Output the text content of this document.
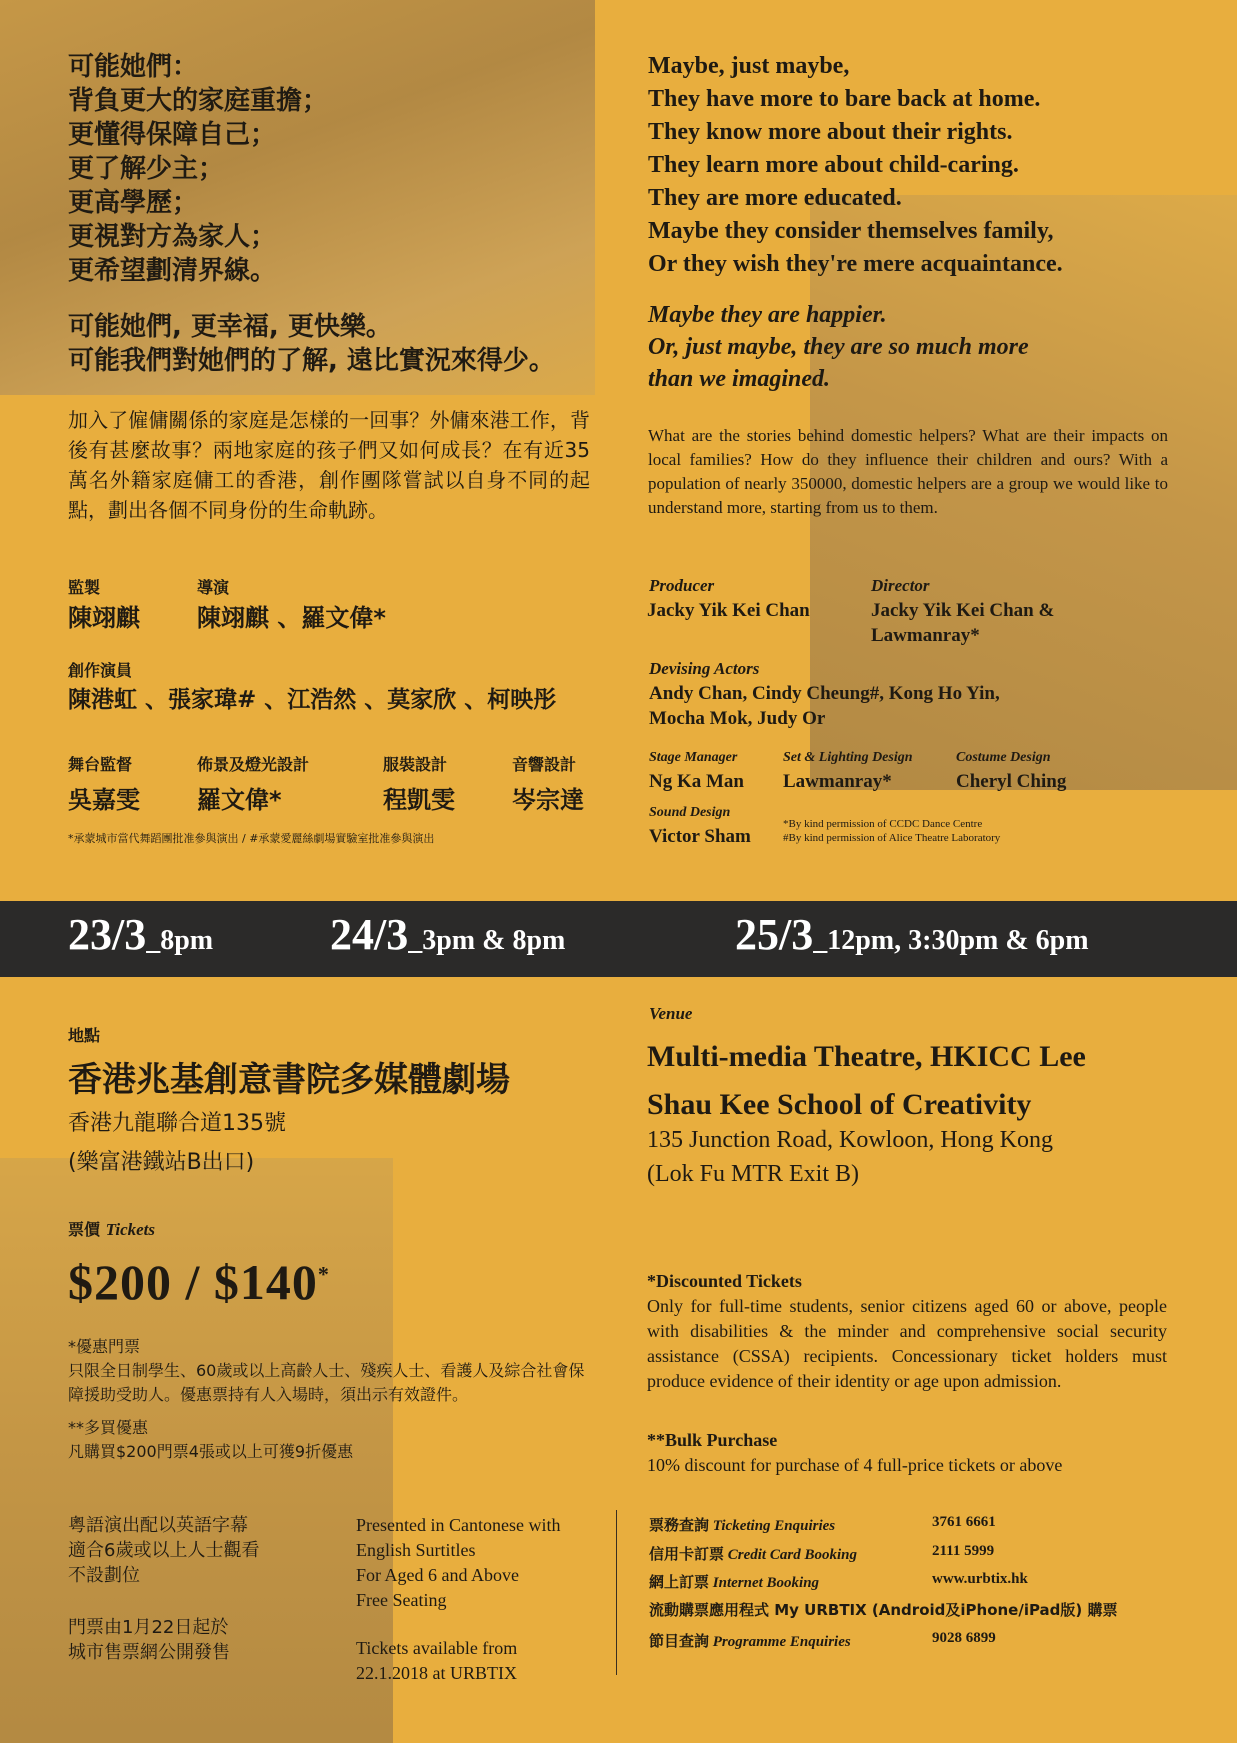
可能她們：
背負更大的家庭重擔；
更懂得保障自己；
更了解少主；
更高學歷；
更視對方為家人；
更希望劃清界線。
可能她們, 更幸福, 更快樂。
可能我們對她們的了解, 遠比實況來得少。
加入了僱傭關係的家庭是怎樣的一回事？外傭來港工作，背後有甚麼故事？兩地家庭的孩子們又如何成長？在有近35萬名外籍家庭傭工的香港，創作團隊嘗試以自身不同的起點，劃出各個不同身份的生命軌跡。
Maybe, just maybe,
They have more to bare back at home.
They know more about their rights.
They learn more about child-caring.
They are more educated.
Maybe they consider themselves family,
Or they wish they're mere acquaintance.
Maybe they are happier.
Or, just maybe, they are so much more
than we imagined.
What are the stories behind domestic helpers? What are their impacts on local families? How do they influence their children and ours? With a population of nearly 350000, domestic helpers are a group we would like to understand more, starting from us to them.
監製
陳翊麒
導演
陳翊麒 、羅文偉*
創作演員
陳港虹 、張家瑋# 、江浩然 、莫家欣 、柯映彤
舞台監督
吳嘉雯
佈景及燈光設計
羅文偉*
服裝設計
程凱雯
音響設計
岑宗達
*承蒙城市當代舞蹈團批准參與演出 / #承蒙愛麗絲劇場實驗室批准參與演出
Producer
Jacky Yik Kei Chan
Director
Jacky Yik Kei Chan &
Lawmanray*
Devising Actors
Andy Chan, Cindy Cheung#, Kong Ho Yin,
Mocha Mok, Judy Or
Stage Manager
Ng Ka Man
Set & Lighting Design
Lawmanray*
Costume Design
Cheryl Ching
Sound Design
Victor Sham
*By kind permission of CCDC Dance Centre
#By kind permission of Alice Theatre Laboratory
23/3_8pm	24/3_3pm & 8pm	25/3_12pm, 3:30pm & 6pm
地點
香港兆基創意書院多媒體劇場
香港九龍聯合道135號
(樂富港鐵站B出口)
Venue
Multi-media Theatre, HKICC Lee
Shau Kee School of Creativity
135 Junction Road, Kowloon, Hong Kong
(Lok Fu MTR Exit B)
票價 Tickets
$200 / $140*
*優惠門票
只限全日制學生、60歲或以上高齡人士、殘疾人士、看護人及綜合社會保障援助受助人。優惠票持有人入場時，須出示有效證件。
**多買優惠
凡購買$200門票4張或以上可獲9折優惠
*Discounted Tickets
Only for full-time students, senior citizens aged 60 or above, people with disabilities & the minder and comprehensive social security assistance (CSSA) recipients. Concessionary ticket holders must produce evidence of their identity or age upon admission.
**Bulk Purchase
10% discount for purchase of 4 full-price tickets or above
粵語演出配以英語字幕
適合6歲或以上人士觀看
不設劃位
門票由1月22日起於
城市售票網公開發售
Presented in Cantonese with
English Surtitles
For Aged 6 and Above
Free Seating
Tickets available from
22.1.2018 at URBTIX
票務查詢 Ticketing Enquiries	3761 6661
信用卡訂票 Credit Card Booking	2111 5999
網上訂票 Internet Booking	www.urbtix.hk
流動購票應用程式 My URBTIX (Android及iPhone/iPad版) 購票
節目查詢 Programme Enquiries	9028 6899
